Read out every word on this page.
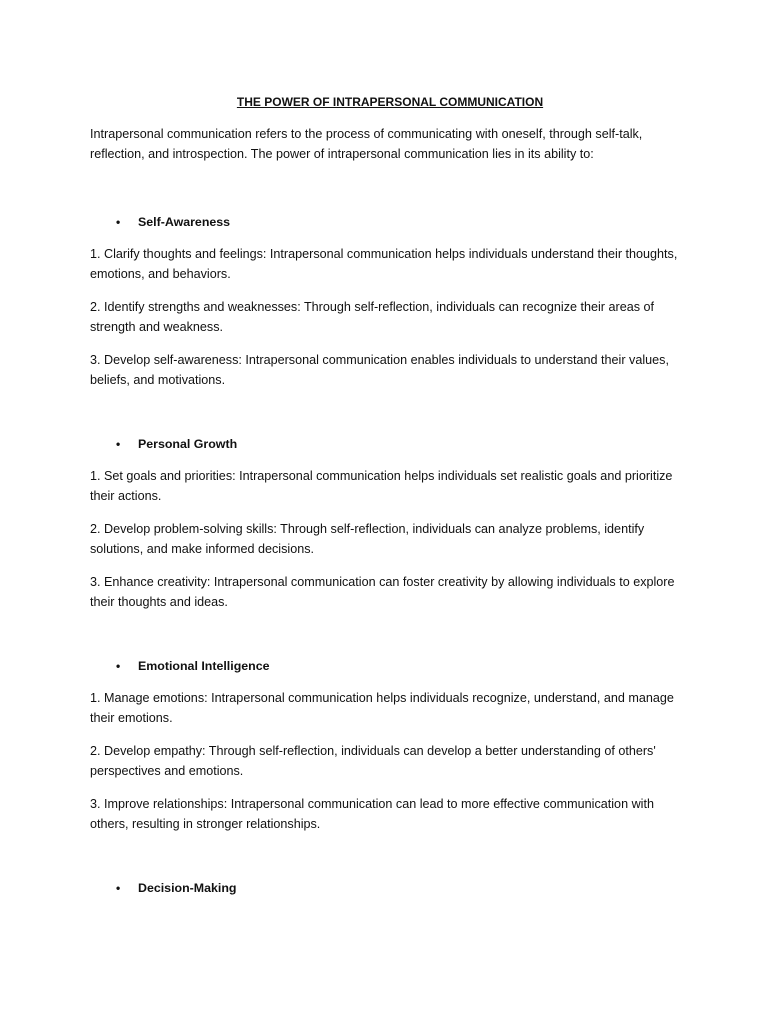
THE POWER OF INTRAPERSONAL COMMUNICATION

Intrapersonal communication refers to the process of communicating with oneself, through self-talk, reflection, and introspection. The power of intrapersonal communication lies in its ability to:

• Self-Awareness

1. Clarify thoughts and feelings: Intrapersonal communication helps individuals understand their thoughts, emotions, and behaviors.

2. Identify strengths and weaknesses: Through self-reflection, individuals can recognize their areas of strength and weakness.

3. Develop self-awareness: Intrapersonal communication enables individuals to understand their values, beliefs, and motivations.

• Personal Growth

1. Set goals and priorities: Intrapersonal communication helps individuals set realistic goals and prioritize their actions.

2. Develop problem-solving skills: Through self-reflection, individuals can analyze problems, identify solutions, and make informed decisions.

3. Enhance creativity: Intrapersonal communication can foster creativity by allowing individuals to explore their thoughts and ideas.

• Emotional Intelligence

1. Manage emotions: Intrapersonal communication helps individuals recognize, understand, and manage their emotions.

2. Develop empathy: Through self-reflection, individuals can develop a better understanding of others' perspectives and emotions.

3. Improve relationships: Intrapersonal communication can lead to more effective communication with others, resulting in stronger relationships.

• Decision-Making
